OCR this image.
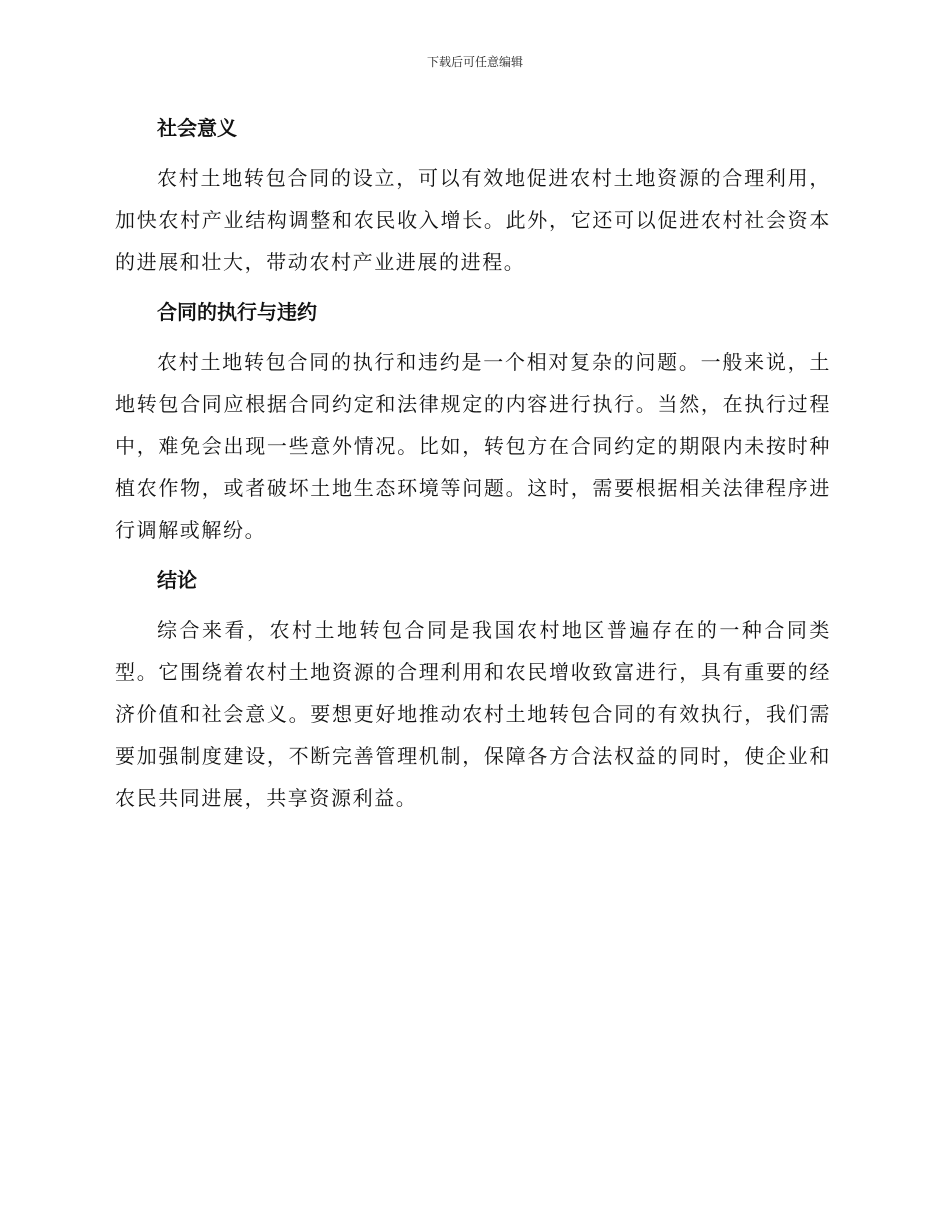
下载后可任意编辑
社会意义

农村土地转包合同的设立，可以有效地促进农村土地资源的合理利用，加快农村产业结构调整和农民收入增长。此外，它还可以促进农村社会资本的进展和壮大，带动农村产业进展的进程。

合同的执行与违约

农村土地转包合同的执行和违约是一个相对复杂的问题。一般来说，土地转包合同应根据合同约定和法律规定的内容进行执行。当然，在执行过程中，难免会出现一些意外情况。比如，转包方在合同约定的期限内未按时种植农作物，或者破坏土地生态环境等问题。这时，需要根据相关法律程序进行调解或解纷。

结论

综合来看，农村土地转包合同是我国农村地区普遍存在的一种合同类型。它围绕着农村土地资源的合理利用和农民增收致富进行，具有重要的经济价值和社会意义。要想更好地推动农村土地转包合同的有效执行，我们需要加强制度建设，不断完善管理机制，保障各方合法权益的同时，使企业和农民共同进展，共享资源利益。
